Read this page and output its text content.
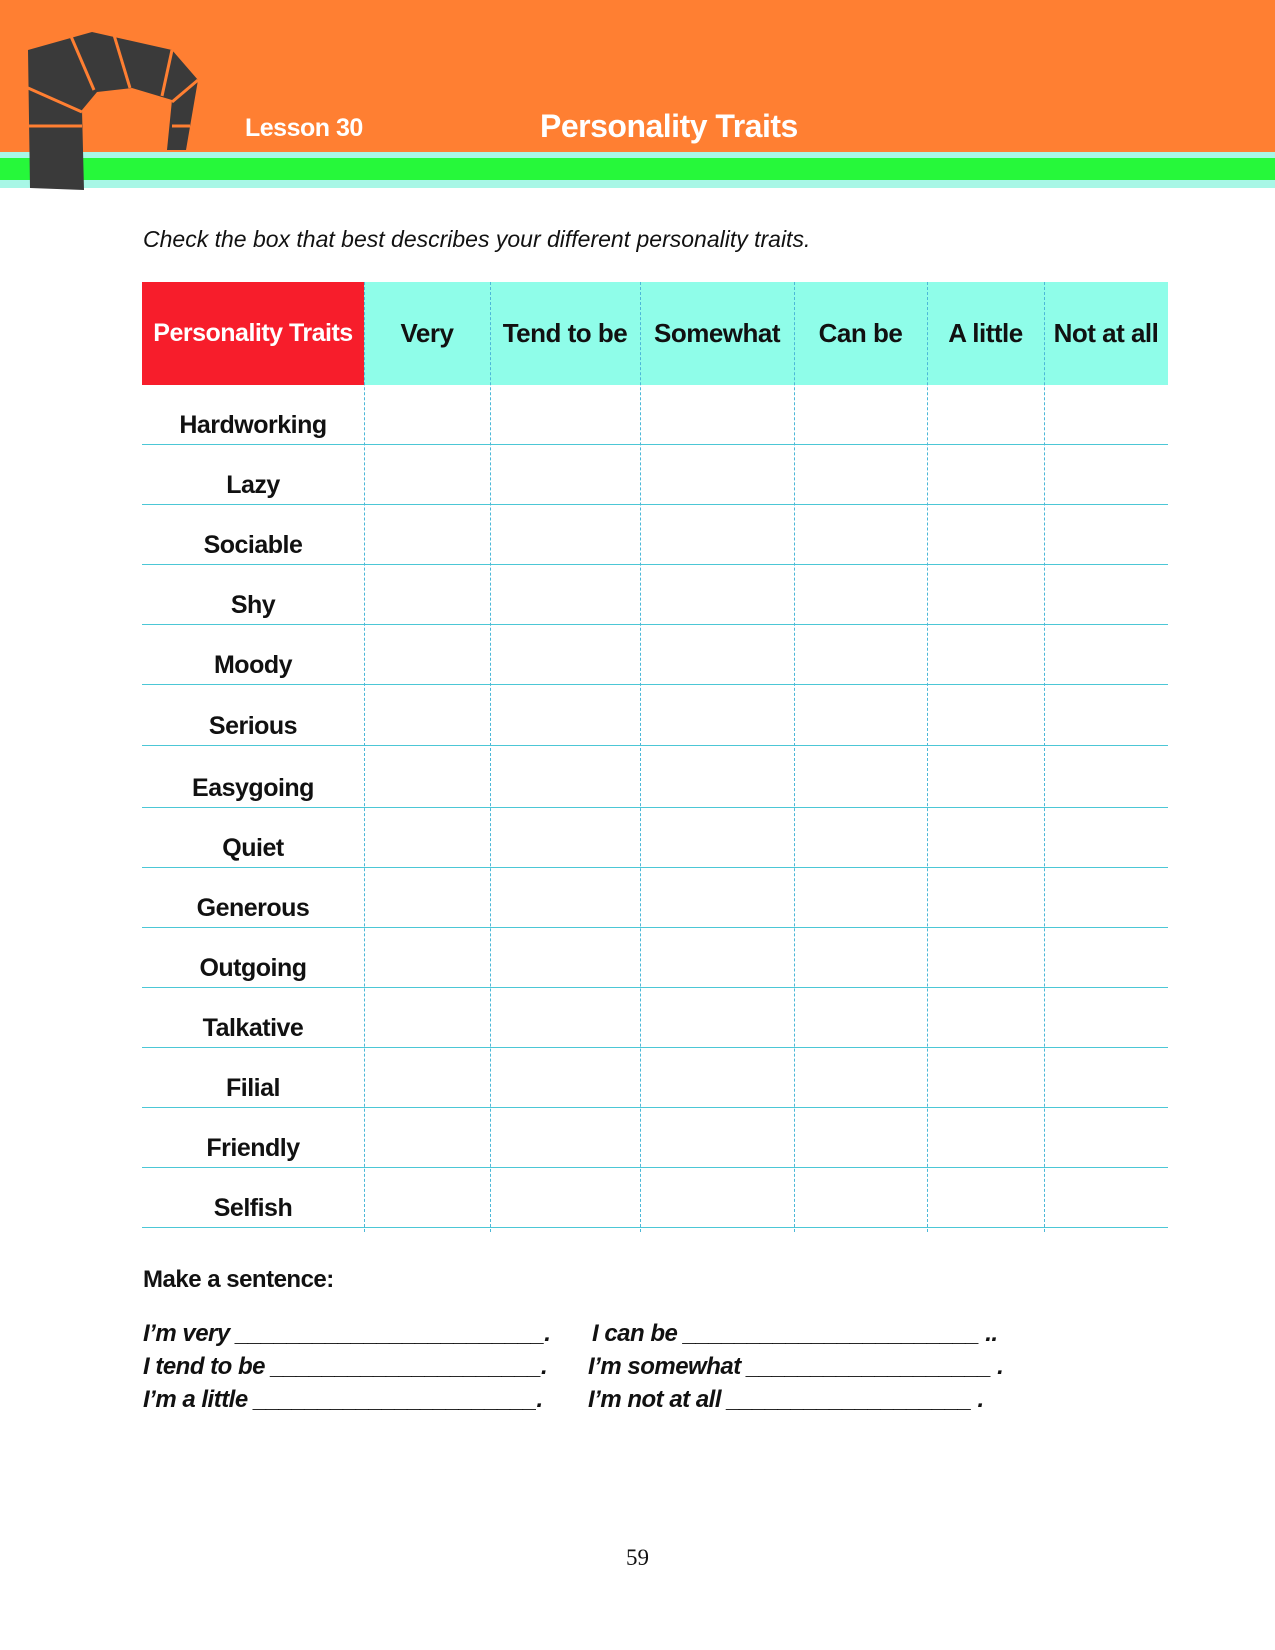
Lesson 30	Personality Traits
Check the box that best describes your different personality traits.
Personality Traits	Very	Tend to be	Somewhat	Can be	A little	Not at all
Hardworking
Lazy
Sociable
Shy
Moody
Serious
Easygoing
Quiet
Generous
Outgoing
Talkative
Filial
Friendly
Selfish
Make a sentence:
I’m very ________________________. I can be _______________________ ..
I tend to be _____________________. I’m somewhat ___________________ .
I’m a little ______________________. I’m not at all ___________________ .
59
